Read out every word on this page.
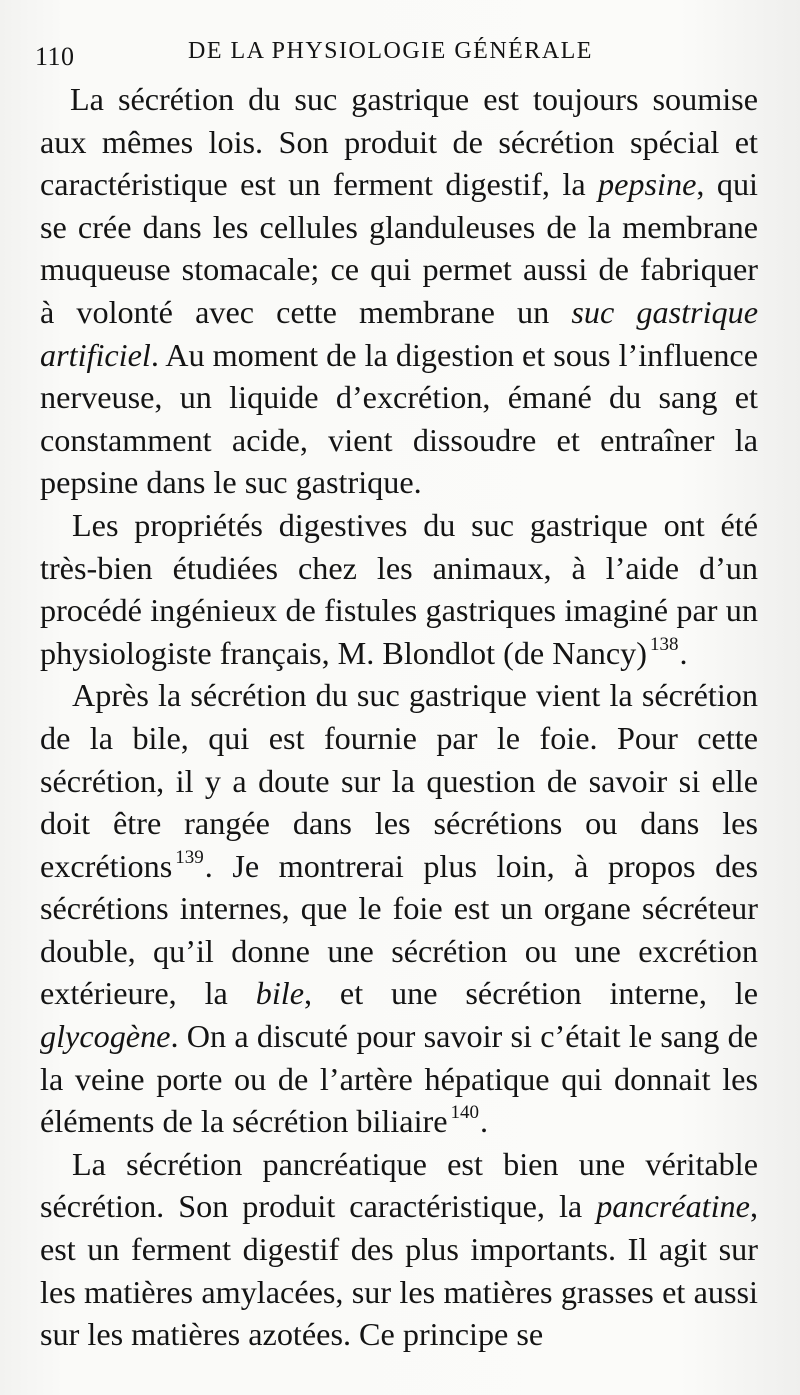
110	DE LA PHYSIOLOGIE GÉNÉRALE

La sécrétion du suc gastrique est toujours soumise aux mêmes lois. Son produit de sécrétion spécial et caractéristique est un ferment digestif, la pepsine, qui se crée dans les cellules glanduleuses de la membrane muqueuse stomacale; ce qui permet aussi de fabriquer à volonté avec cette membrane un suc gastrique artificiel. Au moment de la digestion et sous l’influence nerveuse, un liquide d’excrétion, émané du sang et constamment acide, vient dissoudre et entraîner la pepsine dans le suc gastrique.

Les propriétés digestives du suc gastrique ont été très-bien étudiées chez les animaux, à l’aide d’un procédé ingénieux de fistules gastriques imaginé par un physiologiste français, M. Blondlot (de Nancy) $^{138}$.

Après la sécrétion du suc gastrique vient la sécrétion de la bile, qui est fournie par le foie. Pour cette sécrétion, il y a doute sur la question de savoir si elle doit être rangée dans les sécrétions ou dans les excrétions $^{139}$. Je montrerai plus loin, à propos des sécrétions internes, que le foie est un organe sécréteur double, qu’il donne une sécrétion ou une excrétion extérieure, la bile, et une sécrétion interne, le glycogène. On a discuté pour savoir si c’était le sang de la veine porte ou de l’artère hépatique qui donnait les éléments de la sécrétion biliaire $^{140}$.

La sécrétion pancréatique est bien une véritable sécrétion. Son produit caractéristique, la pancréatine, est un ferment digestif des plus importants. Il agit sur les matières amylacées, sur les matières grasses et aussi sur les matières azotées. Ce principe se
